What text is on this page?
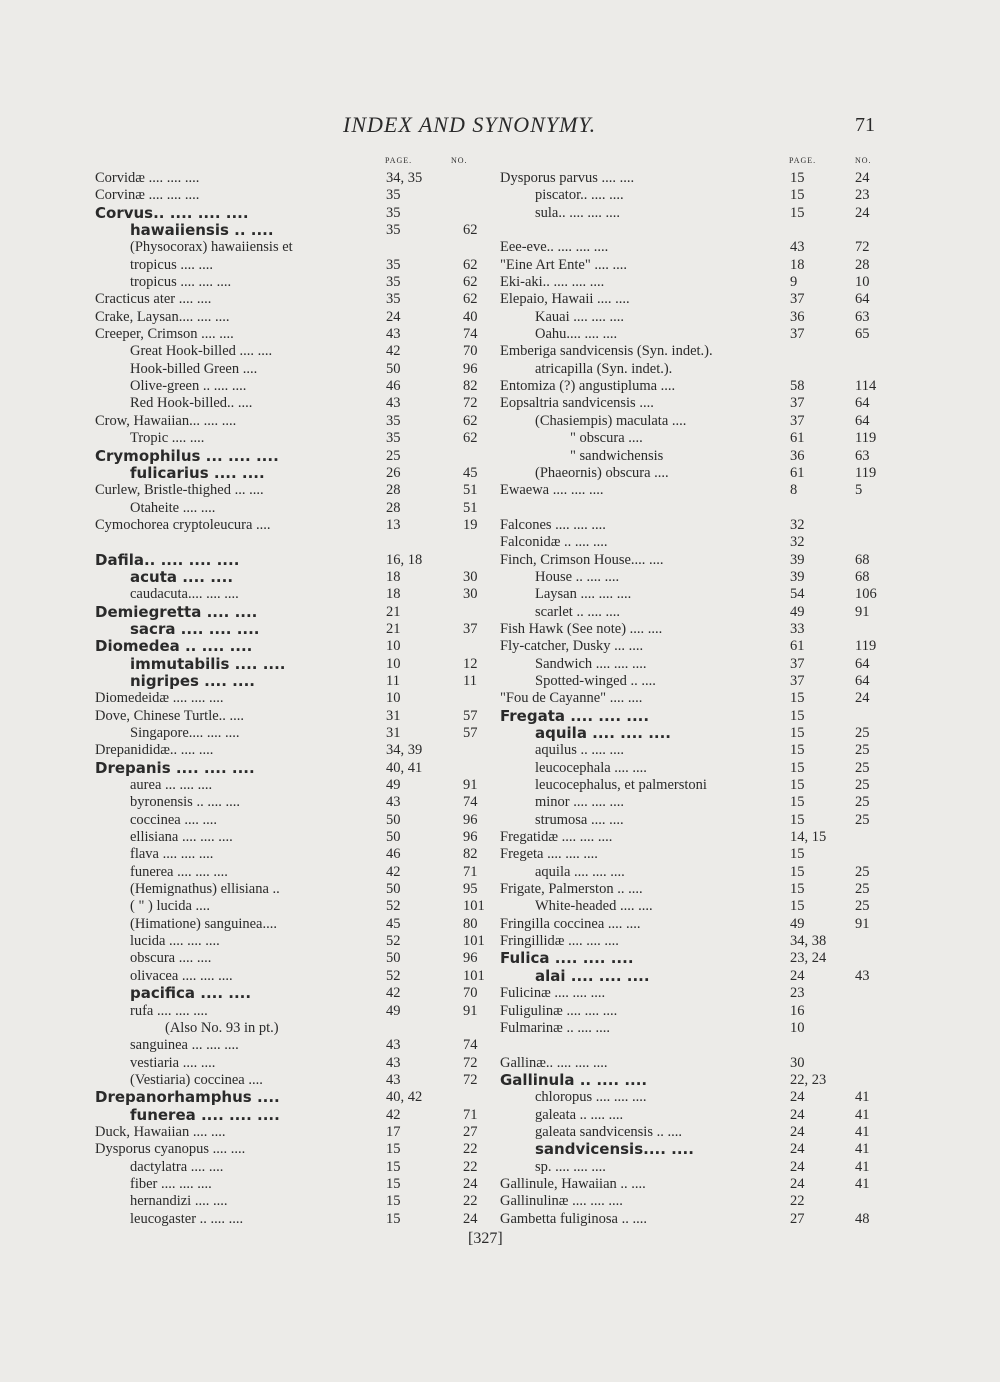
INDEX AND SYNONYMY.	71
PAGE.	NO.
Corvidæ .... .... ....	34, 35
Corvinæ .... .... ....	35
Corvus.. .... .... ....	35
hawaiiensis .. ....	35	62
(Physocorax) hawaiiensis et
tropicus .... ....	35	62
tropicus .... .... ....	35	62
Cracticus ater .... ....	35	62
Crake, Laysan.... .... ....	24	40
Creeper, Crimson .... ....	43	74
Great Hook-billed .... ....	42	70
Hook-billed Green ....	50	96
Olive-green .. .... ....	46	82
Red Hook-billed.. ....	43	72
Crow, Hawaiian... .... ....	35	62
Tropic .... ....	35	62
Crymophilus ... .... ....	25
fulicarius .... ....	26	45
Curlew, Bristle-thighed ... ....	28	51
Otaheite .... ....	28	51
Cymochorea cryptoleucura ....	13	19
Dafila.. .... .... ....	16, 18
acuta .... ....	18	30
caudacuta.... .... ....	18	30
Demiegretta .... ....	21
sacra .... .... ....	21	37
Diomedea .. .... ....	10
immutabilis .... ....	10	12
nigripes .... ....	11	11
Diomedeidæ .... .... ....	10
Dove, Chinese Turtle.. ....	31	57
Singapore.... .... ....	31	57
Drepanididæ.. .... ....	34, 39
Drepanis .... .... ....	40, 41
aurea ... .... ....	49	91
byronensis .. .... ....	43	74
coccinea .... ....	50	96
ellisiana .... .... ....	50	96
flava .... .... ....	46	82
funerea .... .... ....	42	71
(Hemignathus) ellisiana ..	50	95
( " ) lucida ....	52	101
(Himatione) sanguinea....	45	80
lucida .... .... ....	52	101
obscura .... ....	50	96
olivacea .... .... ....	52	101
pacifica .... ....	42	70
rufa .... .... ....	49	91
(Also No. 93 in pt.)
sanguinea ... .... ....	43	74
vestiaria .... ....	43	72
(Vestiaria) coccinea ....	43	72
Drepanorhamphus ....	40, 42
funerea .... .... ....	42	71
Duck, Hawaiian .... ....	17	27
Dysporus cyanopus .... ....	15	22
dactylatra .... ....	15	22
fiber .... .... ....	15	24
hernandizi .... ....	15	22
leucogaster .. .... ....	15	24
PAGE.	NO.
Dysporus parvus .... ....	15	24
piscator.. .... ....	15	23
sula.. .... .... ....	15	24
Eee-eve.. .... .... ....	43	72
"Eine Art Ente" .... ....	18	28
Eki-aki.. .... .... ....	9	10
Elepaio, Hawaii .... ....	37	64
Kauai .... .... ....	36	63
Oahu.... .... ....	37	65
Emberiga sandvicensis (Syn. indet.).
atricapilla (Syn. indet.).
Entomiza (?) angustipluma ....	58	114
Eopsaltria sandvicensis ....	37	64
(Chasiempis) maculata ....	37	64
" obscura ....	61	119
" sandwichensis	36	63
(Phaeornis) obscura ....	61	119
Ewaewa .... .... ....	8	5
Falcones .... .... ....	32
Falconidæ .. .... ....	32
Finch, Crimson House.... ....	39	68
House .. .... ....	39	68
Laysan .... .... ....	54	106
scarlet .. .... ....	49	91
Fish Hawk (See note) .... ....	33
Fly-catcher, Dusky ... ....	61	119
Sandwich .... .... ....	37	64
Spotted-winged .. ....	37	64
"Fou de Cayanne" .... ....	15	24
Fregata .... .... ....	15
aquila .... .... ....	15	25
aquilus .. .... ....	15	25
leucocephala .... ....	15	25
leucocephalus, et palmerstoni	15	25
minor .... .... ....	15	25
strumosa .... ....	15	25
Fregatidæ .... .... ....	14, 15
Fregeta .... .... ....	15
aquila .... .... ....	15	25
Frigate, Palmerston .. ....	15	25
White-headed .... ....	15	25
Fringilla coccinea .... ....	49	91
Fringillidæ .... .... ....	34, 38
Fulica .... .... ....	23, 24
alai .... .... ....	24	43
Fulicinæ .... .... ....	23
Fuligulinæ .... .... ....	16
Fulmarinæ .. .... ....	10
Gallinæ.. .... .... ....	30
Gallinula .. .... ....	22, 23
chloropus .... .... ....	24	41
galeata .. .... ....	24	41
galeata sandvicensis .. ....	24	41
sandvicensis.... ....	24	41
sp. .... .... ....	24	41
Gallinule, Hawaiian .. ....	24	41
Gallinulinæ .... .... ....	22
Gambetta fuliginosa .. ....	27	48
[327]
